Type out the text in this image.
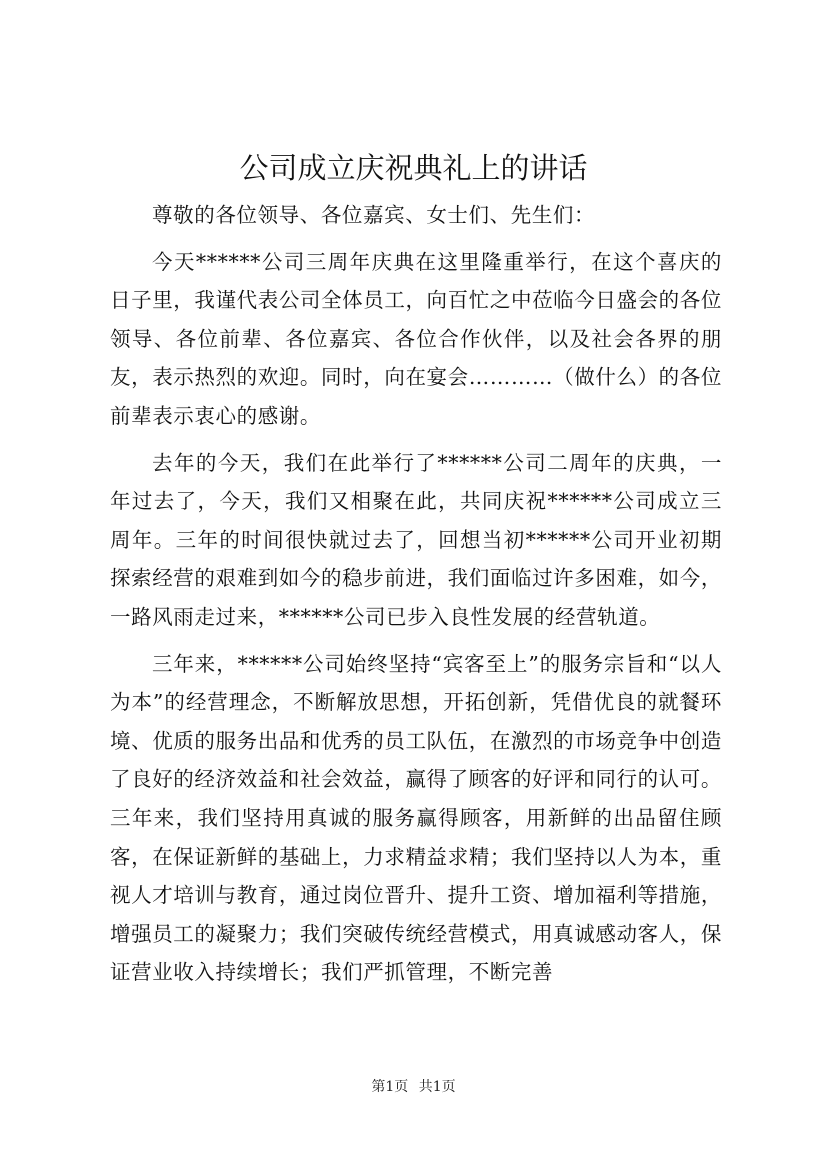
公司成立庆祝典礼上的讲话

尊敬的各位领导、各位嘉宾、女士们、先生们：

今天******公司三周年庆典在这里隆重举行，在这个喜庆的日子里，我谨代表公司全体员工，向百忙之中莅临今日盛会的各位领导、各位前辈、各位嘉宾、各位合作伙伴，以及社会各界的朋友，表示热烈的欢迎。同时，向在宴会…………（做什么）的各位前辈表示衷心的感谢。

去年的今天，我们在此举行了******公司二周年的庆典，一年过去了，今天，我们又相聚在此，共同庆祝******公司成立三周年。三年的时间很快就过去了，回想当初******公司开业初期探索经营的艰难到如今的稳步前进，我们面临过许多困难，如今，一路风雨走过来，******公司已步入良性发展的经营轨道。

三年来，******公司始终坚持“宾客至上”的服务宗旨和“以人为本”的经营理念，不断解放思想，开拓创新，凭借优良的就餐环境、优质的服务出品和优秀的员工队伍，在激烈的市场竞争中创造了良好的经济效益和社会效益，赢得了顾客的好评和同行的认可。三年来，我们坚持用真诚的服务赢得顾客，用新鲜的出品留住顾客，在保证新鲜的基础上，力求精益求精；我们坚持以人为本，重视人才培训与教育，通过岗位晋升、提升工资、增加福利等措施，增强员工的凝聚力；我们突破传统经营模式，用真诚感动客人，保证营业收入持续增长；我们严抓管理，不断完善

第1页 共1页
